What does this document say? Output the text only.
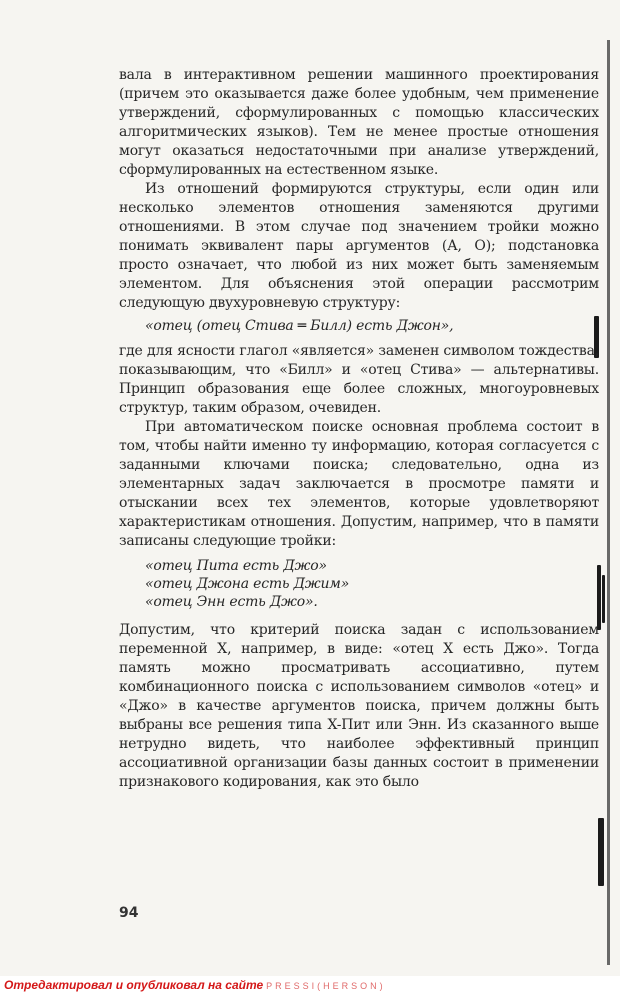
вала в интерактивном решении машинного проектирования (причем это оказывается даже более удобным, чем применение утверждений, сформулированных с помощью классических алгоритмических языков). Тем не менее простые отношения могут оказаться недостаточными при анализе утверждений, сформулированных на естественном языке.

Из отношений формируются структуры, если один или несколько элементов отношения заменяются другими отношениями. В этом случае под значением тройки можно понимать эквивалент пары аргументов (А, О); подстановка просто означает, что любой из них может быть заменяемым элементом. Для объяснения этой операции рассмотрим следующую двухуровневую структуру:

«отец (отец Стива ═ Билл) есть Джон»,

где для ясности глагол «является» заменен символом тождества, показывающим, что «Билл» и «отец Стива» — альтернативы. Принцип образования еще более сложных, многоуровневых структур, таким образом, очевиден.

При автоматическом поиске основная проблема состоит в том, чтобы найти именно ту информацию, которая согласуется с заданными ключами поиска; следовательно, одна из элементарных задач заключается в просмотре памяти и отыскании всех тех элементов, которые удовлетворяют характеристикам отношения. Допустим, например, что в памяти записаны следующие тройки:

«отец Пита есть Джо»
«отец Джона есть Джим»
«отец Энн есть Джо».

Допустим, что критерий поиска задан с использованием переменной X, например, в виде: «отец X есть Джо». Тогда память можно просматривать ассоциативно, путем комбинационного поиска с использованием символов «отец» и «Джо» в качестве аргументов поиска, причем должны быть выбраны все решения типа X-Пит или Энн. Из сказанного выше нетрудно видеть, что наиболее эффективный принцип ассоциативной организации базы данных состоит в применении признакового кодирования, как это было

94
Отредактировал и опубликовал на сайте PRESSI(HERSON)
